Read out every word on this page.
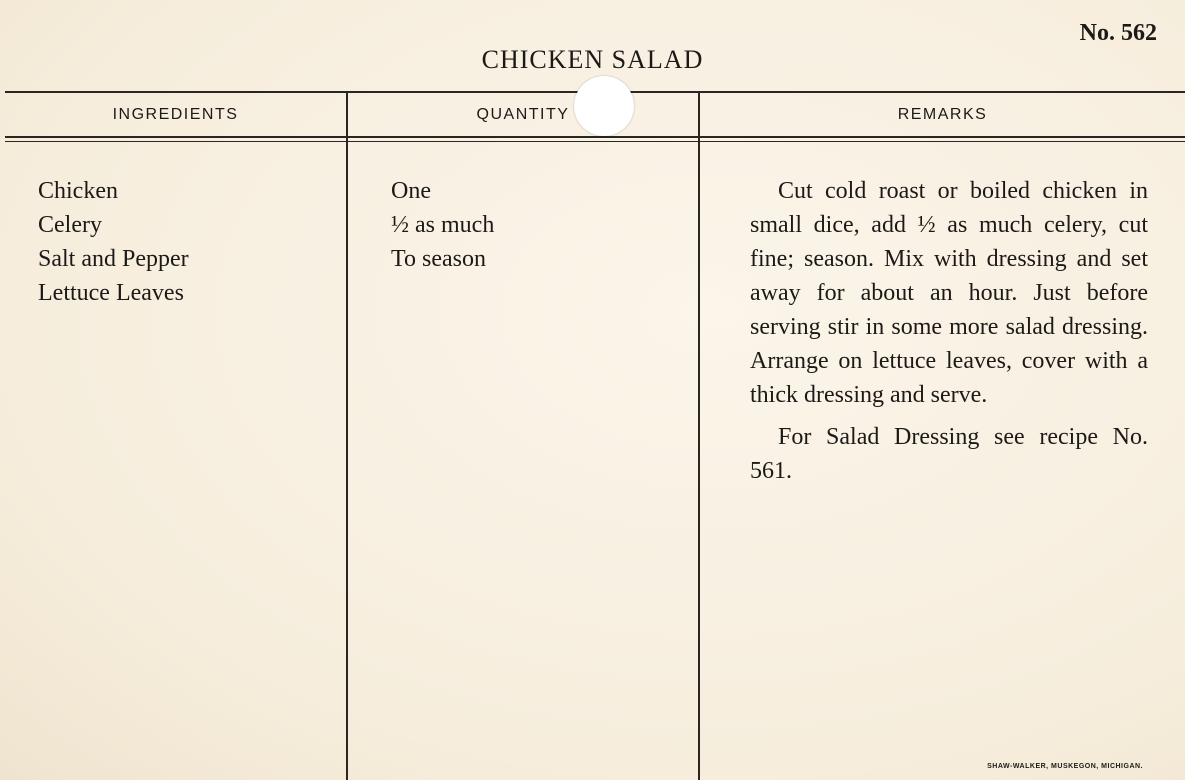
No. 562
CHICKEN SALAD
INGREDIENTS	QUANTITY	REMARKS
Chicken
Celery
Salt and Pepper
Lettuce Leaves
One
½ as much
To season

Cut cold roast or boiled chicken in small dice, add ½ as much celery, cut fine; season. Mix with dressing and set away for about an hour. Just before serving stir in some more salad dressing. Arrange on lettuce leaves, cover with a thick dressing and serve.

For Salad Dressing see recipe No. 561.

SHAW-WALKER, MUSKEGON, MICHIGAN.
